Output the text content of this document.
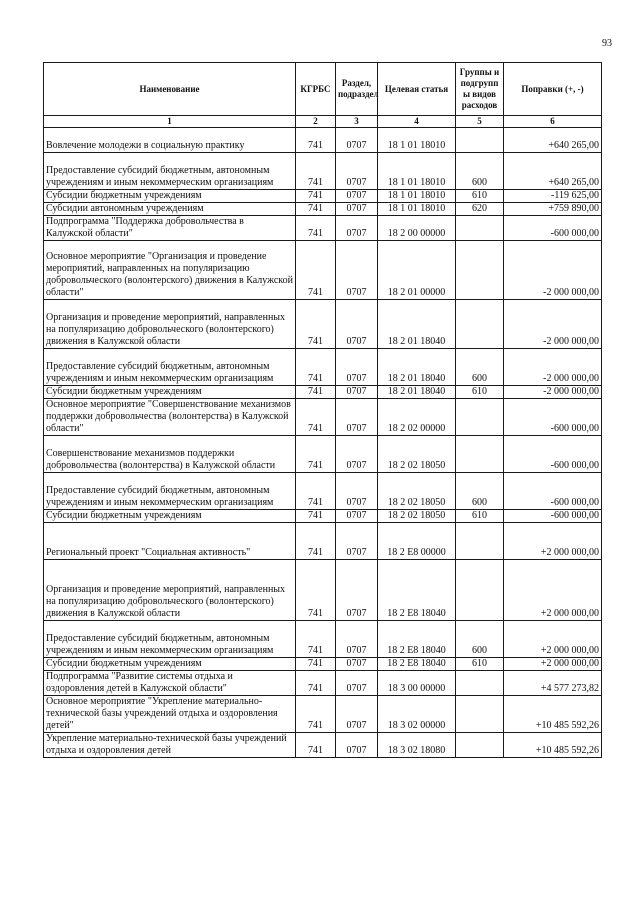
93
Наименование	КГРБС	Раздел, подраздел	Целевая статья	Группы и подгрупп ы видов расходов	Поправки (+, -)
1	2	3	4	5	6
Вовлечение молодежи в социальную практику	741	0707	18 1 01 18010		+640 265,00
Предоставление субсидий бюджетным, автономным учреждениям и иным некоммерческим организациям	741	0707	18 1 01 18010	600	+640 265,00
Субсидии бюджетным учреждениям	741	0707	18 1 01 18010	610	-119 625,00
Субсидии автономным учреждениям	741	0707	18 1 01 18010	620	+759 890,00
Подпрограмма "Поддержка добровольчества в Калужской области"	741	0707	18 2 00 00000		-600 000,00
Основное мероприятие "Организация и проведение мероприятий, направленных на популяризацию добровольческого (волонтерского) движения в Калужской области"	741	0707	18 2 01 00000		-2 000 000,00
Организация и проведение мероприятий, направленных на популяризацию добровольческого (волонтерского) движения в Калужской области	741	0707	18 2 01 18040		-2 000 000,00
Предоставление субсидий бюджетным, автономным учреждениям и иным некоммерческим организациям	741	0707	18 2 01 18040	600	-2 000 000,00
Субсидии бюджетным учреждениям	741	0707	18 2 01 18040	610	-2 000 000,00
Основное мероприятие "Совершенствование механизмов поддержки добровольчества (волонтерства) в Калужской области"	741	0707	18 2 02 00000		-600 000,00
Совершенствование механизмов поддержки добровольчества (волонтерства) в Калужской области	741	0707	18 2 02 18050		-600 000,00
Предоставление субсидий бюджетным, автономным учреждениям и иным некоммерческим организациям	741	0707	18 2 02 18050	600	-600 000,00
Субсидии бюджетным учреждениям	741	0707	18 2 02 18050	610	-600 000,00
Региональный проект "Социальная активность"	741	0707	18 2 E8 00000		+2 000 000,00
Организация и проведение мероприятий, направленных на популяризацию добровольческого (волонтерского) движения в Калужской области	741	0707	18 2 E8 18040		+2 000 000,00
Предоставление субсидий бюджетным, автономным учреждениям и иным некоммерческим организациям	741	0707	18 2 E8 18040	600	+2 000 000,00
Субсидии бюджетным учреждениям	741	0707	18 2 E8 18040	610	+2 000 000,00
Подпрограмма "Развитие системы отдыха и оздоровления детей в Калужской области"	741	0707	18 3 00 00000		+4 577 273,82
Основное мероприятие "Укрепление материально-технической базы учреждений отдыха и оздоровления детей"	741	0707	18 3 02 00000		+10 485 592,26
Укрепление материально-технической базы учреждений отдыха и оздоровления детей	741	0707	18 3 02 18080		+10 485 592,26
